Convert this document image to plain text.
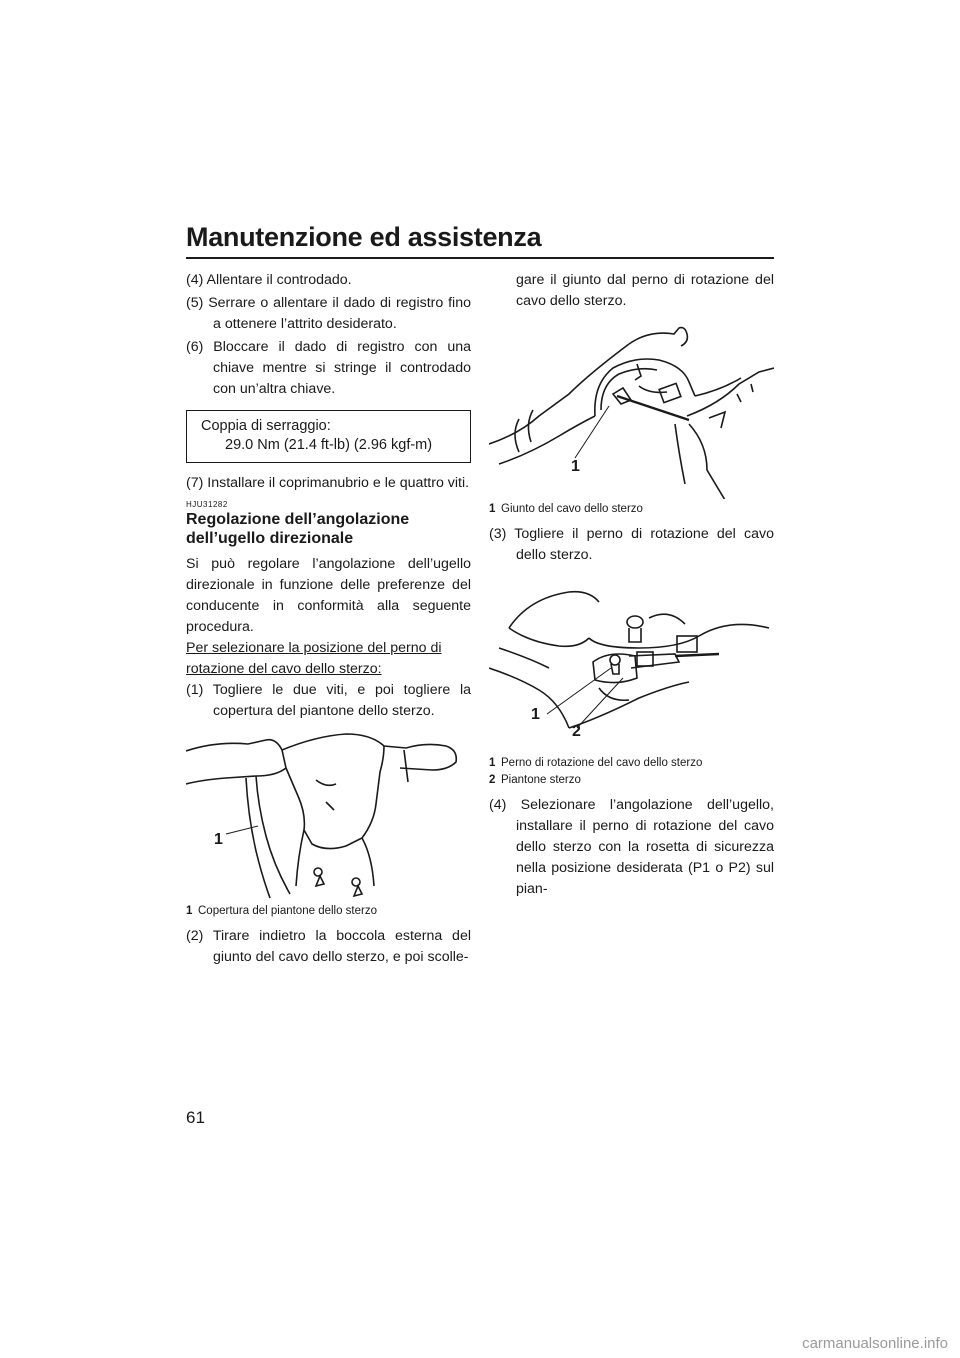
Manutenzione ed assistenza

(4) Allentare il controdado.

(5) Serrare o allentare il dado di registro fino a ottenere l’attrito desiderato.

(6) Bloccare il dado di registro con una chiave mentre si stringe il controdado con un’altra chiave.

Coppia di serraggio:
29.0 Nm (21.4 ft-lb) (2.96 kgf-m)

(7) Installare il coprimanubrio e le quattro viti.

HJU31282
Regolazione dell’angolazione dell’ugello direzionale

Si può regolare l’angolazione dell’ugello direzionale in funzione delle preferenze del conducente in conformità alla seguente procedura.

Per selezionare la posizione del perno di rotazione del cavo dello sterzo:

(1) Togliere le due viti, e poi togliere la copertura del piantone dello sterzo.

1
1 Copertura del piantone dello sterzo

(2) Tirare indietro la boccola esterna del giunto del cavo dello sterzo, e poi scolle-

gare il giunto dal perno di rotazione del cavo dello sterzo.

1
1 Giunto del cavo dello sterzo

(3) Togliere il perno di rotazione del cavo dello sterzo.

1
2
1 Perno di rotazione del cavo dello sterzo
2 Piantone sterzo

(4) Selezionare l’angolazione dell’ugello, installare il perno di rotazione del cavo dello sterzo con la rosetta di sicurezza nella posizione desiderata (P1 o P2) sul pian-

61
carmanualsonline.info
